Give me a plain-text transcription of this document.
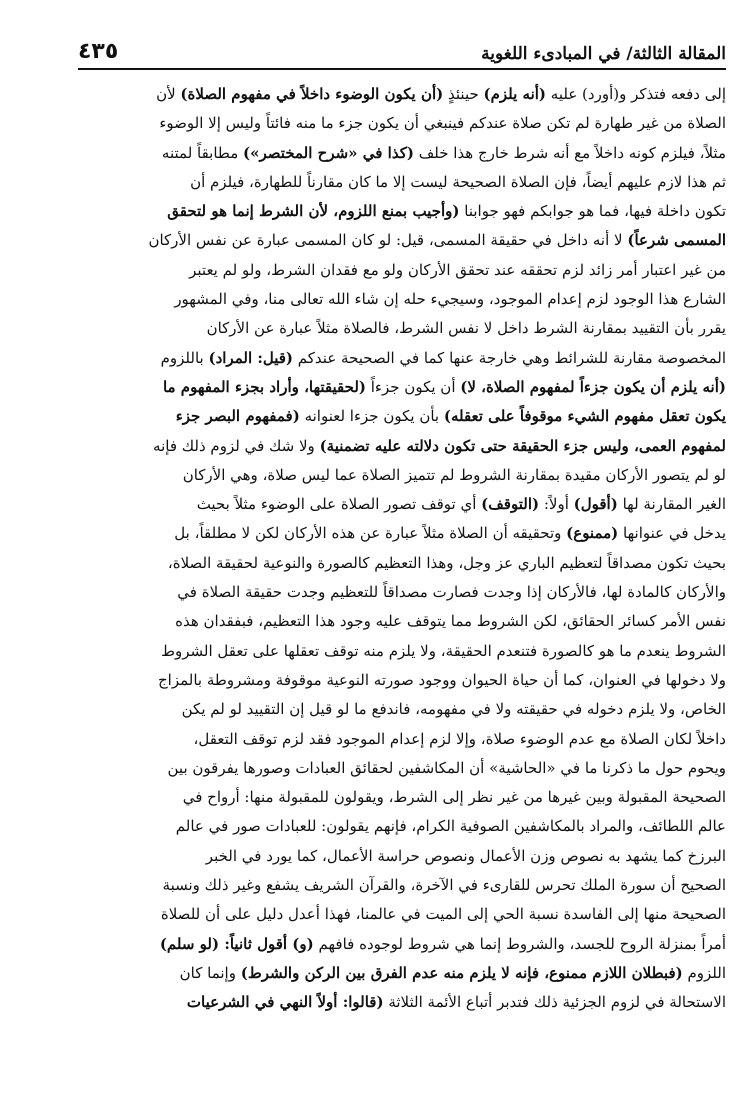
المقالة الثالثة/ في المبادىء اللغوية
٤٣٥
إلى دفعه فتذكر و(أورد) عليه (أنه يلزم) حينئذٍ (أن يكون الوضوء داخلاً في مفهوم الصلاة) لأن
الصلاة من غير طهارة لم تكن صلاة عندكم فينبغي أن يكون جزء ما منه فائتاً وليس إلا الوضوء
مثلاً، فيلزم كونه داخلاً مع أنه شرط خارج هذا خلف (كذا في «شرح المختصر») مطابقاً لمتنه
ثم هذا لازم عليهم أيضاً، فإن الصلاة الصحيحة ليست إلا ما كان مقارناً للطهارة، فيلزم أن
تكون داخلة فيها، فما هو جوابكم فهو جوابنا (وأجيب بمنع اللزوم، لأن الشرط إنما هو لتحقق
المسمى شرعاً) لا أنه داخل في حقيقة المسمى، قيل: لو كان المسمى عبارة عن نفس الأركان
من غير اعتبار أمر زائد لزم تحققه عند تحقق الأركان ولو مع فقدان الشرط، ولو لم يعتبر
الشارع هذا الوجود لزم إعدام الموجود، وسيجيء حله إن شاء الله تعالى منا، وفي المشهور
يقرر بأن التقييد بمقارنة الشرط داخل لا نفس الشرط، فالصلاة مثلاً عبارة عن الأركان
المخصوصة مقارنة للشرائط وهي خارجة عنها كما في الصحيحة عندكم (قيل: المراد) باللزوم
(أنه يلزم أن يكون جزءاً لمفهوم الصلاة، لا) أن يكون جزءاً (لحقيقتها، وأراد بجزء المفهوم ما
يكون تعقل مفهوم الشيء موقوفاً على تعقله) بأن يكون جزءا لعنوانه (فمفهوم البصر جزء
لمفهوم العمى، وليس جزء الحقيقة حتى تكون دلالته عليه تضمنية) ولا شك في لزوم ذلك فإنه
لو لم يتصور الأركان مقيدة بمقارنة الشروط لم تتميز الصلاة عما ليس صلاة، وهي الأركان
الغير المقارنة لها (أقول) أولاً: (التوقف) أي توقف تصور الصلاة على الوضوء مثلاً بحيث
يدخل في عنوانها (ممنوع) وتحقيقه أن الصلاة مثلاً عبارة عن هذه الأركان لكن لا مطلقاً، بل
بحيث تكون مصداقاً لتعظيم الباري عز وجل، وهذا التعظيم كالصورة والنوعية لحقيقة الصلاة،
والأركان كالمادة لها، فالأركان إذا وجدت فصارت مصداقاً للتعظيم وجدت حقيقة الصلاة في
نفس الأمر كسائر الحقائق، لكن الشروط مما يتوقف عليه وجود هذا التعظيم، فبفقدان هذه
الشروط ينعدم ما هو كالصورة فتنعدم الحقيقة، ولا يلزم منه توقف تعقلها على تعقل الشروط
ولا دخولها في العنوان، كما أن حياة الحيوان ووجود صورته النوعية موقوفة ومشروطة بالمزاج
الخاص، ولا يلزم دخوله في حقيقته ولا في مفهومه، فاندفع ما لو قيل إن التقييد لو لم يكن
داخلاً لكان الصلاة مع عدم الوضوء صلاة، وإلا لزم إعدام الموجود فقد لزم توقف التعقل،
ويحوم حول ما ذكرنا ما في «الحاشية» أن المكاشفين لحقائق العبادات وصورها يفرقون بين
الصحيحة المقبولة وبين غيرها من غير نظر إلى الشرط، ويقولون للمقبولة منها: أرواح في
عالم اللطائف، والمراد بالمكاشفين الصوفية الكرام، فإنهم يقولون: للعبادات صور في عالم
البرزخ كما يشهد به نصوص وزن الأعمال ونصوص حراسة الأعمال، كما يورد في الخبر
الصحيح أن سورة الملك تحرس للقارىء في الآخرة، والقرآن الشريف يشفع وغير ذلك ونسبة
الصحيحة منها إلى الفاسدة نسبة الحي إلى الميت في عالمنا، فهذا أعدل دليل على أن للصلاة
أمراً بمنزلة الروح للجسد، والشروط إنما هي شروط لوجوده فافهم (و) أقول ثانياً: (لو سلم)
اللزوم (فبطلان اللازم ممنوع، فإنه لا يلزم منه عدم الفرق بين الركن والشرط) وإنما كان
الاستحالة في لزوم الجزئية ذلك فتدبر أتباع الأئمة الثلاثة (قالوا: أولاً النهي في الشرعيات
